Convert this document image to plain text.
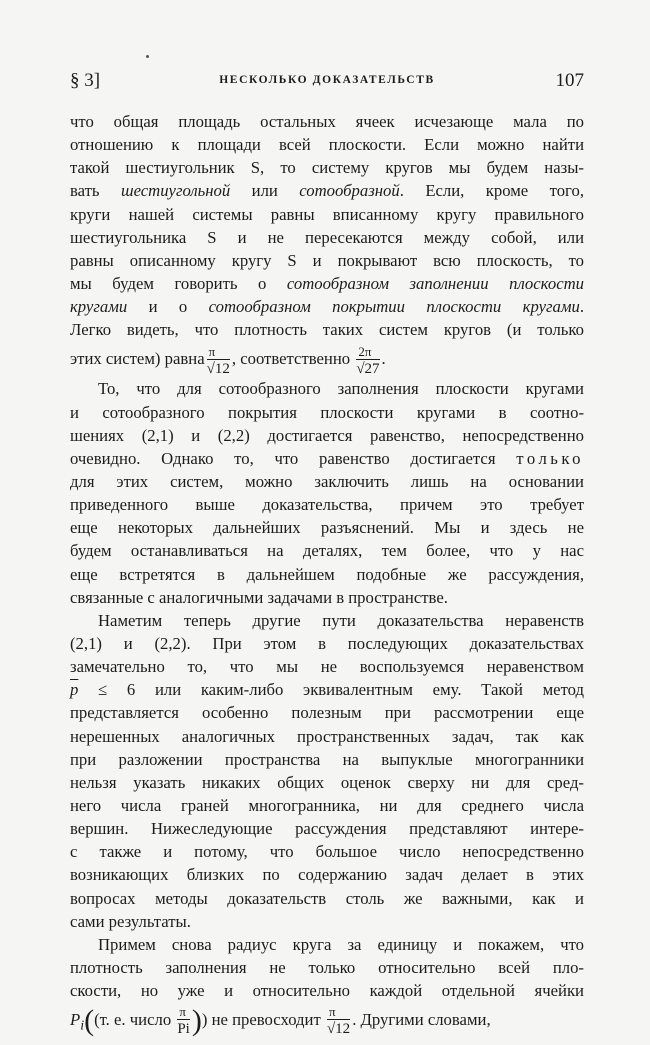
§ 3]	НЕСКОЛЬКО ДОКАЗАТЕЛЬСТВ	107
что общая площадь остальных ячеек исчезающе мала по
отношению к площади всей плоскости. Если можно найти
такой шестиугольник S, то систему кругов мы будем назы-
вать шестиугольной или сотообразной. Если, кроме того,
круги нашей системы равны вписанному кругу правильного
шестиугольника S и не пересекаются между собой, или
равны описанному кругу S и покрывают всю плоскость, то
мы будем говорить о сотообразном заполнении плоскости
кругами и о сотообразном покрытии плоскости кругами.
Легко видеть, что плотность таких систем кругов (и только
этих систем) равна $\frac{\pi}{√12}$ , соответственно $\frac{2\pi}{√27}$ .
То, что для сотообразного заполнения плоскости кругами
и сотообразного покрытия плоскости кругами в соотно-
шениях (2,1) и (2,2) достигается равенство, непосредственно
очевидно. Однако то, что равенство достигается только
для этих систем, можно заключить лишь на основании
приведенного выше доказательства, причем это требует
еще некоторых дальнейших разъяснений. Мы и здесь не
будем останавливаться на деталях, тем более, что у нас
еще встретятся в дальнейшем подобные же рассуждения,
связанные с аналогичными задачами в пространстве.
Наметим теперь другие пути доказательства неравенств
(2,1) и (2,2). При этом в последующих доказательствах
замечательно то, что мы не воспользуемся неравенством
$\overline{p} \le 6$ или каким-либо эквивалентным ему. Такой метод
представляется особенно полезным при рассмотрении еще
нерешенных аналогичных пространственных задач, так как
при разложении пространства на выпуклые многогранники
нельзя указать никаких общих оценок сверху ни для сред-
него числа граней многогранника, ни для среднего числа
вершин. Нижеследующие рассуждения представляют интере-
с также и потому, что большое число непосредственно
возникающих близких по содержанию задач делает в этих
вопросах методы доказательств столь же важными, как и
сами результаты.
Примем снова радиус круга за единицу и покажем, что
плотность заполнения не только относительно всей пло-
скости, но уже и относительно каждой отдельной ячейки
$P_i((т$. е. число $\frac{\pi}{Pi}$ )) не превосходит $\frac{\pi}{√12}$ . Другими словами,
